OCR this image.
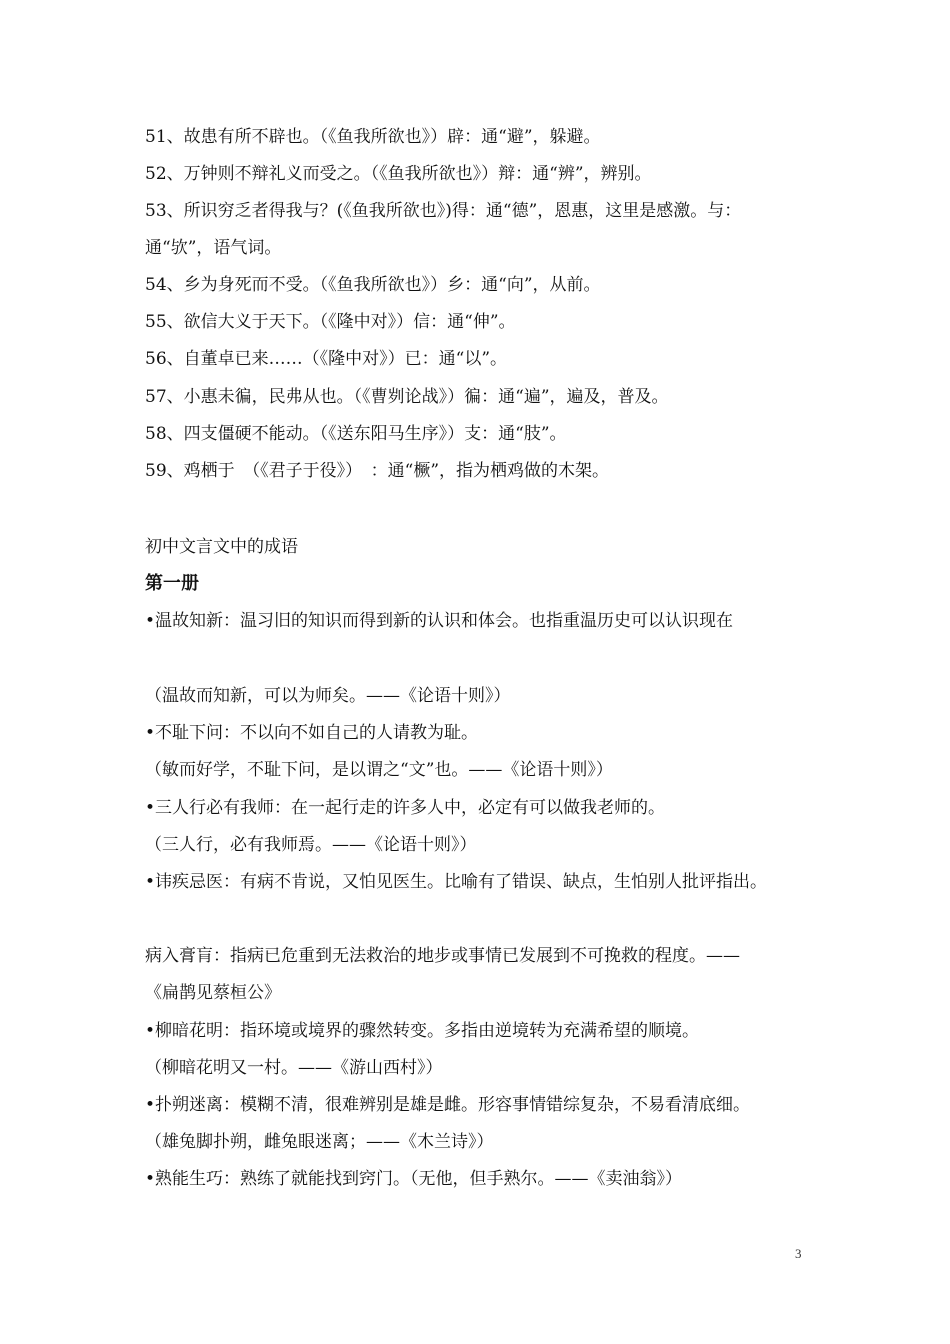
51、故患有所不辟也。（《鱼我所欲也》）辟：通“避”，躲避。
52、万钟则不辩礼义而受之。（《鱼我所欲也》）辩：通“辨”，辨别。
53、所识穷乏者得我与？(《鱼我所欲也》)得：通“德”，恩惠，这里是感激。与：
通“欤”，语气词。
54、乡为身死而不受。（《鱼我所欲也》）乡：通“向”，从前。
55、欲信大义于天下。（《隆中对》）信：通“伸”。
56、自董卓已来……（《隆中对》）已：通“以”。
57、小惠未徧，民弗从也。（《曹刿论战》）徧：通“遍”，遍及，普及。
58、四支僵硬不能动。（《送东阳马生序》）支：通“肢”。
59、鸡栖于　（《君子于役》）　：通“橛”，指为栖鸡做的木架。
初中文言文中的成语
第一册
•温故知新：温习旧的知识而得到新的认识和体会。也指重温历史可以认识现在
（温故而知新，可以为师矣。——《论语十则》）
•不耻下问：不以向不如自己的人请教为耻。
（敏而好学，不耻下问，是以谓之“文”也。——《论语十则》）
•三人行必有我师：在一起行走的许多人中，必定有可以做我老师的。
（三人行，必有我师焉。——《论语十则》）
•讳疾忌医：有病不肯说，又怕见医生。比喻有了错误、缺点，生怕别人批评指出。
病入膏肓：指病已危重到无法救治的地步或事情已发展到不可挽救的程度。——
《扁鹊见蔡桓公》
•柳暗花明：指环境或境界的骤然转变。多指由逆境转为充满希望的顺境。
（柳暗花明又一村。——《游山西村》）
•扑朔迷离：模糊不清，很难辨别是雄是雌。形容事情错综复杂，不易看清底细。
（雄兔脚扑朔，雌兔眼迷离；——《木兰诗》）
•熟能生巧：熟练了就能找到窍门。（无他，但手熟尔。——《卖油翁》）
3
